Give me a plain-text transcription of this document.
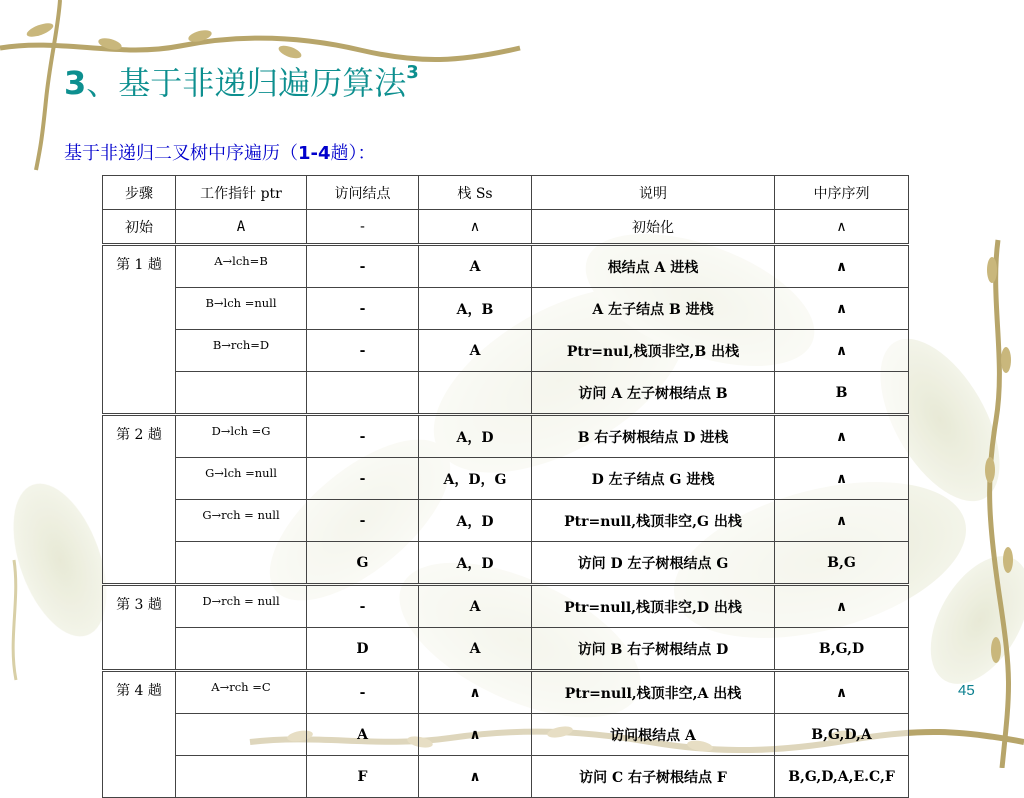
3、基于非递归遍历算法$^3$
基于非递归二叉树中序遍历（1-4趟）：
步骤	工作指针 ptr	访问结点	栈 Ss	说明	中序序列
初始	A	-	∧	初始化	∧
第 1 趟	A→lch=B	-	A	根结点 A 进栈	∧
	B→lch =null	-	A，B	A 左子结点 B 进栈	∧
	B→rch=D	-	A	Ptr=nul,栈顶非空,B 出栈	∧
				访问 A 左子树根结点 B	B
第 2 趟	D→lch =G	-	A，D	B 右子树根结点 D 进栈	∧
	G→lch =null	-	A，D，G	D 左子结点 G 进栈	∧
	G→rch = null	-	A，D	Ptr=null,栈顶非空,G 出栈	∧
		G	A，D	访问 D 左子树根结点 G	B,G
第 3 趟	D→rch = null	-	A	Ptr=null,栈顶非空,D 出栈	∧
		D	A	访问 B 右子树根结点 D	B,G,D
第 4 趟	A→rch =C	-	∧	Ptr=null,栈顶非空,A 出栈	∧
		A	∧	访问根结点 A	B,G,D,A
		F	∧	访问 C 右子树根结点 F	B,G,D,A,E.C,F
45
